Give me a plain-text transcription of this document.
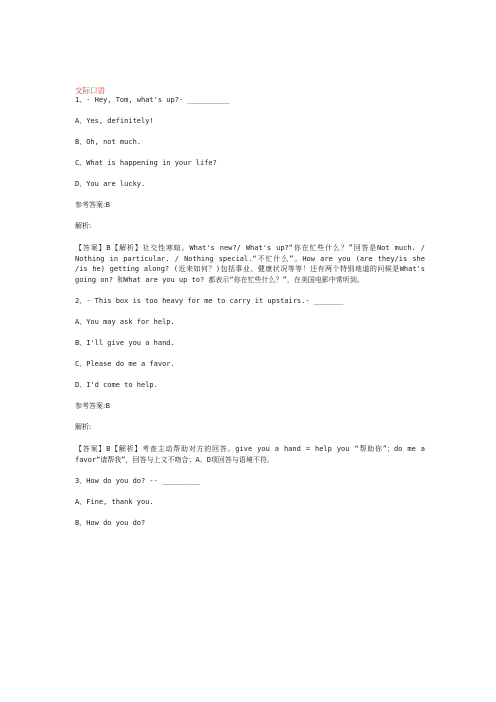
交际口语
1、- Hey, Tom, what's up?- __________
A、Yes, definitely!
B、Oh, not much.
C、What is happening in your life?
D、You are lucky.
参考答案:B
解析:
【答案】B【解析】社交性寒暄。What's new?/ What's up?“你在忙些什么？”回答是Not much. / Nothing in particular. / Nothing special.“不忙什么”。How are you (are they/is she /is he) getting along? (近来如何？)包括事业、健康状况等等！还有两个特别地道的问候是What's going on? 和What are you up to? 都表示“你在忙些什么？”，在美国电影中常听到。
2、- This box is too heavy for me to carry it upstairs.- _______
A、You may ask for help.
B、I'll give you a hand.
C、Please do me a favor.
D、I'd come to help.
参考答案:B
解析:
【答案】B【解析】考查主动帮助对方的回答。give you a hand = help you “帮助你”；do me a favor“请帮我”，回答与上文不吻合；A、D项回答与语境不符。
3、How do you do? -- _________
A、Fine, thank you.
B、How do you do?
